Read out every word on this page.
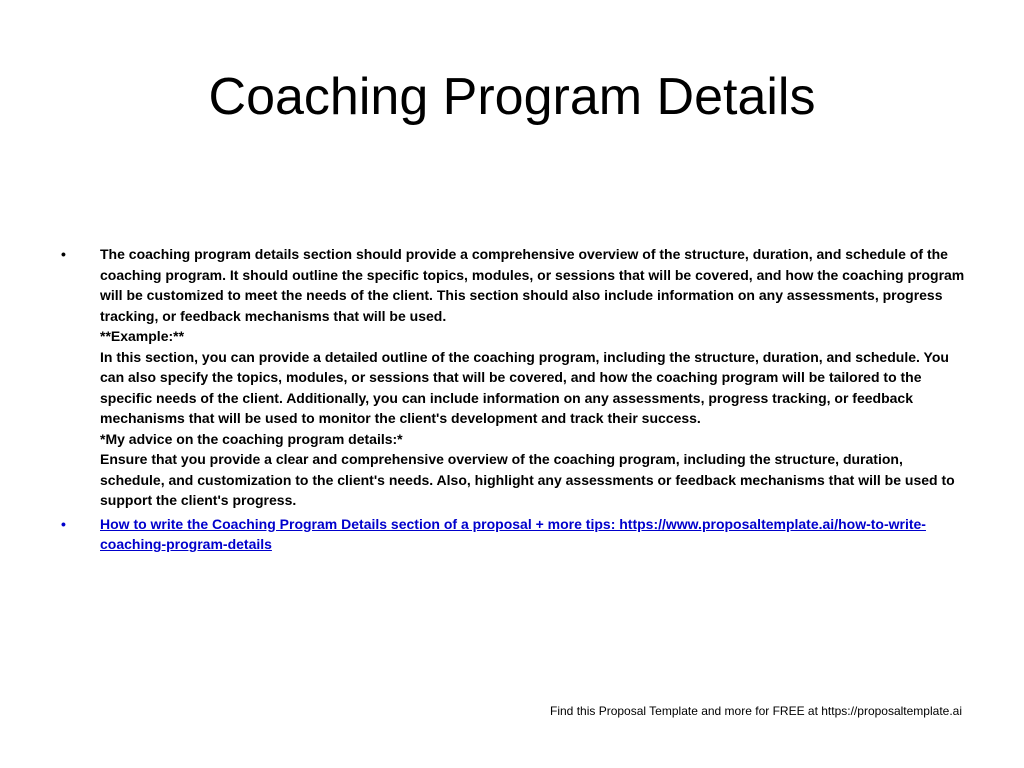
Coaching Program Details
•	The coaching program details section should provide a comprehensive overview of the structure, duration, and schedule of the coaching program. It should outline the specific topics, modules, or sessions that will be covered, and how the coaching program will be customized to meet the needs of the client. This section should also include information on any assessments, progress tracking, or feedback mechanisms that will be used.
**Example:**
In this section, you can provide a detailed outline of the coaching program, including the structure, duration, and schedule. You can also specify the topics, modules, or sessions that will be covered, and how the coaching program will be tailored to the specific needs of the client. Additionally, you can include information on any assessments, progress tracking, or feedback mechanisms that will be used to monitor the client's development and track their success.
*My advice on the coaching program details:*
Ensure that you provide a clear and comprehensive overview of the coaching program, including the structure, duration, schedule, and customization to the client's needs. Also, highlight any assessments or feedback mechanisms that will be used to support the client's progress.
•	How to write the Coaching Program Details section of a proposal + more tips: https://www.proposaltemplate.ai/how-to-write-coaching-program-details
Find this Proposal Template and more for FREE at https://proposaltemplate.ai
